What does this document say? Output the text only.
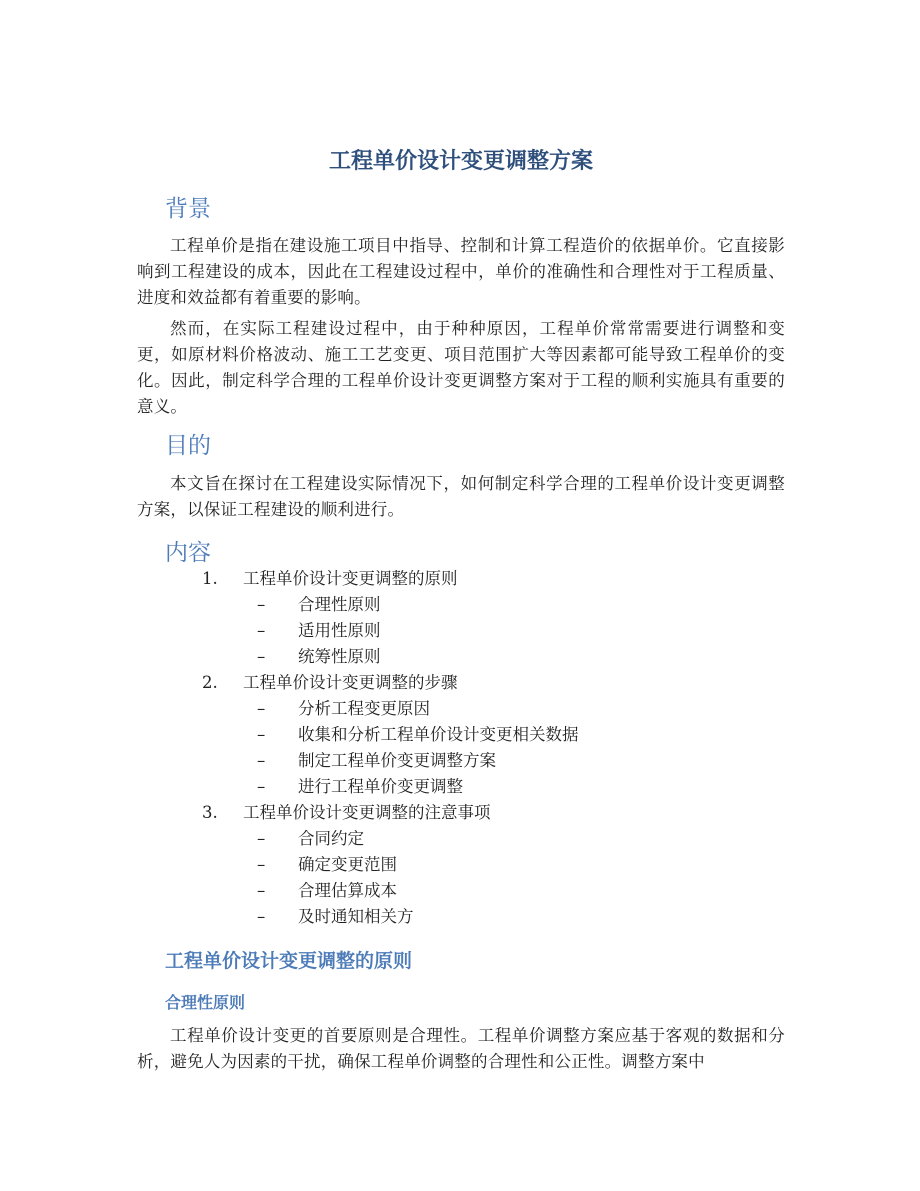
工程单价设计变更调整方案
背景

工程单价是指在建设施工项目中指导、控制和计算工程造价的依据单价。它直接影响到工程建设的成本，因此在工程建设过程中，单价的准确性和合理性对于工程质量、进度和效益都有着重要的影响。

然而，在实际工程建设过程中，由于种种原因，工程单价常常需要进行调整和变更，如原材料价格波动、施工工艺变更、项目范围扩大等因素都可能导致工程单价的变化。因此，制定科学合理的工程单价设计变更调整方案对于工程的顺利实施具有重要的意义。

目的

本文旨在探讨在工程建设实际情况下，如何制定科学合理的工程单价设计变更调整方案，以保证工程建设的顺利进行。

内容
1. 工程单价设计变更调整的原则
– 合理性原则
– 适用性原则
– 统筹性原则
2. 工程单价设计变更调整的步骤
– 分析工程变更原因
– 收集和分析工程单价设计变更相关数据
– 制定工程单价变更调整方案
– 进行工程单价变更调整
3. 工程单价设计变更调整的注意事项
– 合同约定
– 确定变更范围
– 合理估算成本
– 及时通知相关方
工程单价设计变更调整的原则
合理性原则

工程单价设计变更的首要原则是合理性。工程单价调整方案应基于客观的数据和分析，避免人为因素的干扰，确保工程单价调整的合理性和公正性。调整方案中
